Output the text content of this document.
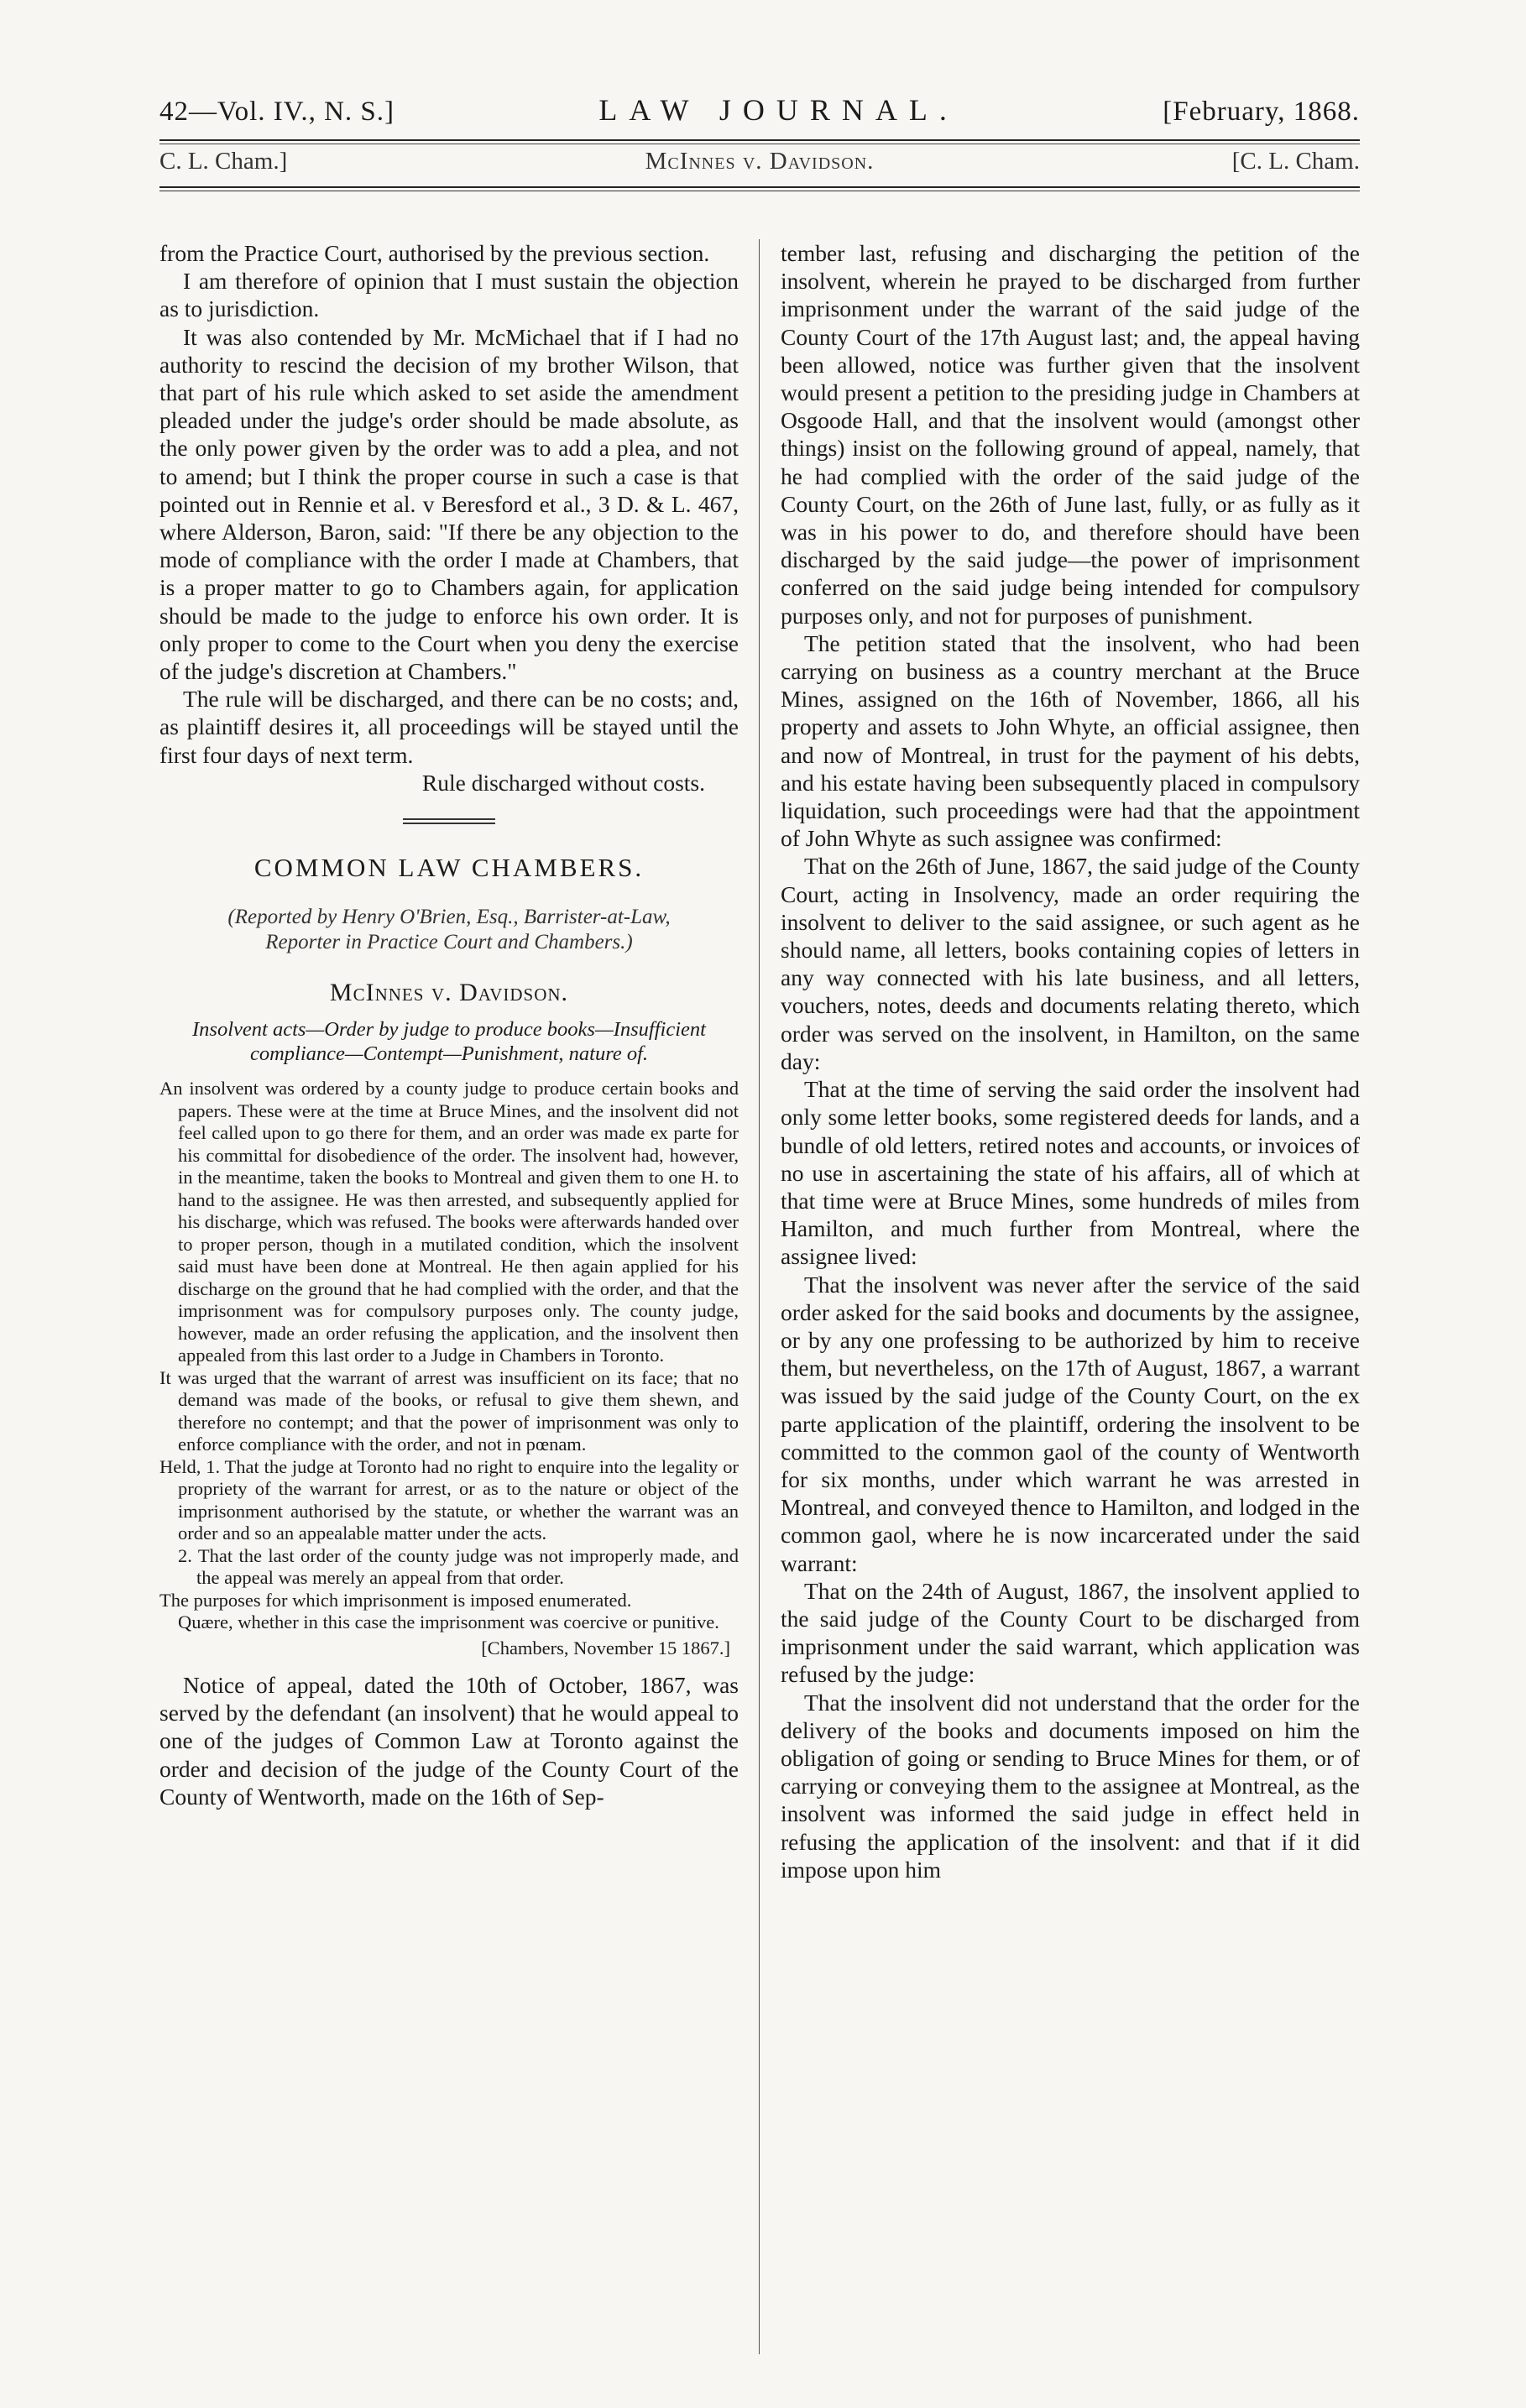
42—Vol. IV., N. S.]	LAW JOURNAL.	[February, 1868.
C. L. Cham.]	McInnes v. Davidson.	[C. L. Cham.

from the Practice Court, authorised by the previous section.

I am therefore of opinion that I must sustain the objection as to jurisdiction.

It was also contended by Mr. McMichael that if I had no authority to rescind the decision of my brother Wilson, that that part of his rule which asked to set aside the amendment pleaded under the judge's order should be made absolute, as the only power given by the order was to add a plea, and not to amend; but I think the proper course in such a case is that pointed out in Rennie et al. v Beresford et al., 3 D. & L. 467, where Alderson, Baron, said: "If there be any objection to the mode of compliance with the order I made at Chambers, that is a proper matter to go to Chambers again, for application should be made to the judge to enforce his own order. It is only proper to come to the Court when you deny the exercise of the judge's discretion at Chambers."

The rule will be discharged, and there can be no costs; and, as plaintiff desires it, all proceedings will be stayed until the first four days of next term.

Rule discharged without costs.

COMMON LAW CHAMBERS.
(Reported by Henry O'Brien, Esq., Barrister-at-Law,
Reporter in Practice Court and Chambers.)
McInnes v. Davidson.

Insolvent acts—Order by judge to produce books—Insufficient compliance—Contempt—Punishment, nature of.

An insolvent was ordered by a county judge to produce certain books and papers. These were at the time at Bruce Mines, and the insolvent did not feel called upon to go there for them, and an order was made ex parte for his committal for disobedience of the order. The insolvent had, however, in the meantime, taken the books to Montreal and given them to one H. to hand to the assignee. He was then arrested, and subsequently applied for his discharge, which was refused. The books were afterwards handed over to proper person, though in a mutilated condition, which the insolvent said must have been done at Montreal. He then again applied for his discharge on the ground that he had complied with the order, and that the imprisonment was for compulsory purposes only. The county judge, however, made an order refusing the application, and the insolvent then appealed from this last order to a Judge in Chambers in Toronto.

It was urged that the warrant of arrest was insufficient on its face; that no demand was made of the books, or refusal to give them shewn, and therefore no contempt; and that the power of imprisonment was only to enforce compliance with the order, and not in pœnam.

Held, 1. That the judge at Toronto had no right to enquire into the legality or propriety of the warrant for arrest, or as to the nature or object of the imprisonment authorised by the statute, or whether the warrant was an order and so an appealable matter under the acts.

2. That the last order of the county judge was not improperly made, and the appeal was merely an appeal from that order.

The purposes for which imprisonment is imposed enumerated.

Quære, whether in this case the imprisonment was coercive or punitive.

[Chambers, November 15 1867.]

Notice of appeal, dated the 10th of October, 1867, was served by the defendant (an insolvent) that he would appeal to one of the judges of Common Law at Toronto against the order and decision of the judge of the County Court of the County of Wentworth, made on the 16th of Sep-

tember last, refusing and discharging the petition of the insolvent, wherein he prayed to be discharged from further imprisonment under the warrant of the said judge of the County Court of the 17th August last; and, the appeal having been allowed, notice was further given that the insolvent would present a petition to the presiding judge in Chambers at Osgoode Hall, and that the insolvent would (amongst other things) insist on the following ground of appeal, namely, that he had complied with the order of the said judge of the County Court, on the 26th of June last, fully, or as fully as it was in his power to do, and therefore should have been discharged by the said judge—the power of imprisonment conferred on the said judge being intended for compulsory purposes only, and not for purposes of punishment.

The petition stated that the insolvent, who had been carrying on business as a country merchant at the Bruce Mines, assigned on the 16th of November, 1866, all his property and assets to John Whyte, an official assignee, then and now of Montreal, in trust for the payment of his debts, and his estate having been subsequently placed in compulsory liquidation, such proceedings were had that the appointment of John Whyte as such assignee was confirmed:

That on the 26th of June, 1867, the said judge of the County Court, acting in Insolvency, made an order requiring the insolvent to deliver to the said assignee, or such agent as he should name, all letters, books containing copies of letters in any way connected with his late business, and all letters, vouchers, notes, deeds and documents relating thereto, which order was served on the insolvent, in Hamilton, on the same day:

That at the time of serving the said order the insolvent had only some letter books, some registered deeds for lands, and a bundle of old letters, retired notes and accounts, or invoices of no use in ascertaining the state of his affairs, all of which at that time were at Bruce Mines, some hundreds of miles from Hamilton, and much further from Montreal, where the assignee lived:

That the insolvent was never after the service of the said order asked for the said books and documents by the assignee, or by any one professing to be authorized by him to receive them, but nevertheless, on the 17th of August, 1867, a warrant was issued by the said judge of the County Court, on the ex parte application of the plaintiff, ordering the insolvent to be committed to the common gaol of the county of Wentworth for six months, under which warrant he was arrested in Montreal, and conveyed thence to Hamilton, and lodged in the common gaol, where he is now incarcerated under the said warrant:

That on the 24th of August, 1867, the insolvent applied to the said judge of the County Court to be discharged from imprisonment under the said warrant, which application was refused by the judge:

That the insolvent did not understand that the order for the delivery of the books and documents imposed on him the obligation of going or sending to Bruce Mines for them, or of carrying or conveying them to the assignee at Montreal, as the insolvent was informed the said judge in effect held in refusing the application of the insolvent: and that if it did impose upon him
